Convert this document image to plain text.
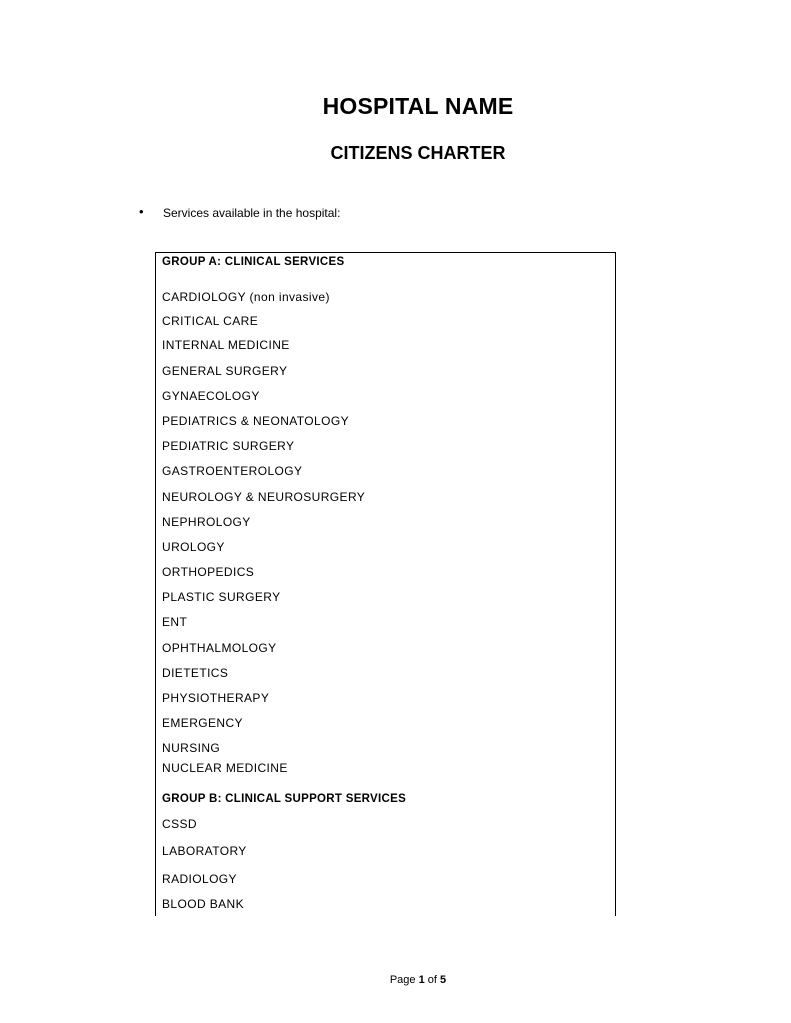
HOSPITAL NAME
CITIZENS CHARTER
• Services available in the hospital:
GROUP A: CLINICAL SERVICES
CARDIOLOGY (non invasive)
CRITICAL CARE
INTERNAL MEDICINE
GENERAL SURGERY
GYNAECOLOGY
PEDIATRICS & NEONATOLOGY
PEDIATRIC SURGERY
GASTROENTEROLOGY
NEUROLOGY & NEUROSURGERY
NEPHROLOGY
UROLOGY
ORTHOPEDICS
PLASTIC SURGERY
ENT
OPHTHALMOLOGY
DIETETICS
PHYSIOTHERAPY
EMERGENCY
NURSING
NUCLEAR MEDICINE
GROUP B: CLINICAL SUPPORT SERVICES
CSSD
LABORATORY
RADIOLOGY
BLOOD BANK
Page 1 of 5
